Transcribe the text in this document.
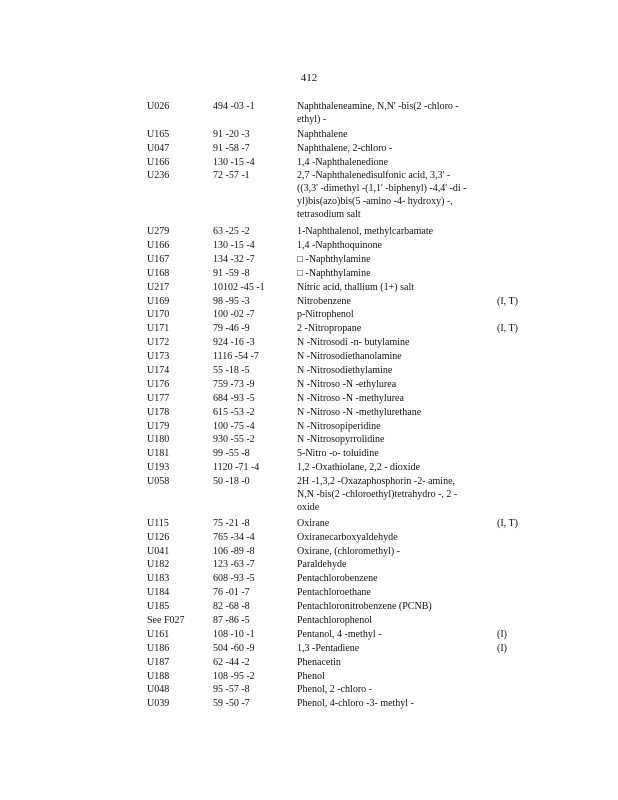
412
U026	494 -03 -1	Naphthaleneamine, N,N' -bis(2 -chloro -
ethyl) -
U165	91 -20 -3	Naphthalene
U047	91 -58 -7	Naphthalene, 2-chloro -
U166	130 -15 -4	1,4 -Naphthalenedione
U236	72 -57 -1	2,7 -Naphthalenedisulfonic acid, 3,3' -
((3,3' -dimethyl -(1,1' -biphenyl) -4,4' -di -
yl)bis(azo)bis(5 -amino -4- hydroxy) -,
tetrasodium salt
U279	63 -25 -2	1-Naphthalenol, methylcarbamate
U166	130 -15 -4	1,4 -Naphthoquinone
U167	134 -32 -7	□ -Naphthylamine
U168	91 -59 -8	□ -Naphthylamine
U217	10102 -45 -1	Nitric acid, thallium (1+) salt
U169	98 -95 -3	Nitrobenzene	(I, T)
U170	100 -02 -7	p-Nitrophenol
U171	79 -46 -9	2 -Nitropropane	(I, T)
U172	924 -16 -3	N -Nitrosodi -n- butylamine
U173	1116 -54 -7	N -Nitrosodiethanolamine
U174	55 -18 -5	N -Nitrosodiethylamine
U176	759 -73 -9	N -Nitroso -N -ethylurea
U177	684 -93 -5	N -Nitroso -N -methylurea
U178	615 -53 -2	N -Nitroso -N -methylurethane
U179	100 -75 -4	N -Nitrosopiperidine
U180	930 -55 -2	N -Nitrosopyrrolidine
U181	99 -55 -8	5-Nitro -o- toluidine
U193	1120 -71 -4	1,2 -Oxathiolane, 2,2 - dioxide
U058	50 -18 -0	2H -1,3,2 -Oxazaphosphorin -2- amine,
N,N -bis(2 -chloroethyl)tetrahydro -, 2 -
oxide
U115	75 -21 -8	Oxirane	(I, T)
U126	765 -34 -4	Oxiranecarboxyaldehyde
U041	106 -89 -8	Oxirane, (chloromethyl) -
U182	123 -63 -7	Paraldehyde
U183	608 -93 -5	Pentachlorobenzene
U184	76 -01 -7	Pentachloroethane
U185	82 -68 -8	Pentachloronitrobenzene (PCNB)
See F027	87 -86 -5	Pentachlorophenol
U161	108 -10 -1	Pentanol, 4 -methyl -	(I)
U186	504 -60 -9	1,3 -Pentadiene	(I)
U187	62 -44 -2	Phenacetin
U188	108 -95 -2	Phenol
U048	95 -57 -8	Phenol, 2 -chloro -
U039	59 -50 -7	Phenol, 4-chloro -3- methyl -
